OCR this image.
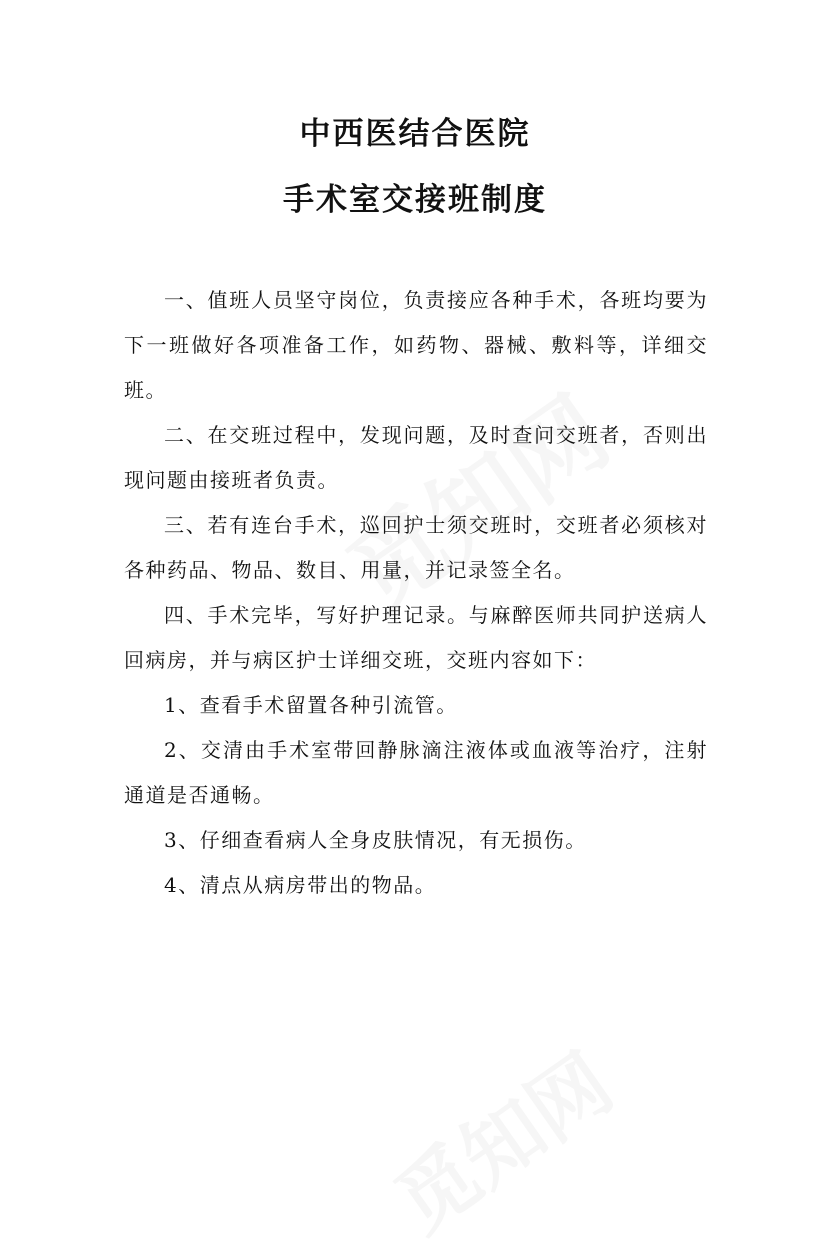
中西医结合医院
手术室交接班制度

一、值班人员坚守岗位，负责接应各种手术，各班均要为下一班做好各项准备工作，如药物、器械、敷料等，详细交班。

二、在交班过程中，发现问题，及时查问交班者，否则出现问题由接班者负责。

三、若有连台手术，巡回护士须交班时，交班者必须核对各种药品、物品、数目、用量，并记录签全名。

四、手术完毕，写好护理记录。与麻醉医师共同护送病人回病房，并与病区护士详细交班，交班内容如下：

1、查看手术留置各种引流管。

2、交清由手术室带回静脉滴注液体或血液等治疗，注射通道是否通畅。

3、仔细查看病人全身皮肤情况，有无损伤。

4、清点从病房带出的物品。
